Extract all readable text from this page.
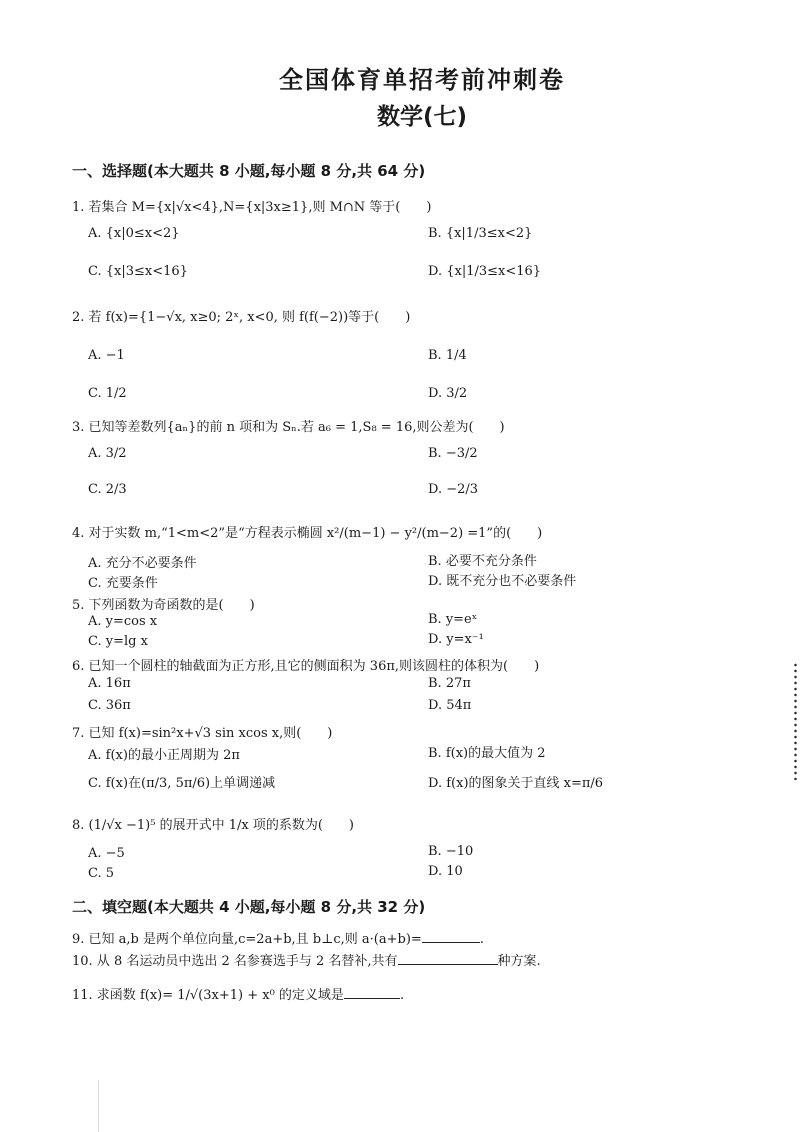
全国体育单招考前冲刺卷
数学(七)
一、选择题(本大题共 8 小题,每小题 8 分,共 64 分)
1. 若集合 M={x|√x<4},N={x|3x≥1},则 M∩N 等于(　　)
A. {x|0≤x<2}	B. {x|1/3≤x<2}
C. {x|3≤x<16}	D. {x|1/3≤x<16}
2. 若 f(x)={1−√x, x≥0; 2ˣ, x<0, 则 f(f(−2))等于(　　)
A. −1	B. 1/4
C. 1/2	D. 3/2
3. 已知等差数列{aₙ}的前 n 项和为 Sₙ.若 a₆ = 1,S₈ = 16,则公差为(　　)
A. 3/2	B. −3/2
C. 2/3	D. −2/3
4. 对于实数 m,“1<m<2”是“方程表示椭圆 x²/(m−1) − y²/(m−2) =1”的(　　)
A. 充分不必要条件	B. 必要不充分条件
C. 充要条件	D. 既不充分也不必要条件
5. 下列函数为奇函数的是(　　)
A. y=cos x	B. y=eˣ
C. y=lg x	D. y=x⁻¹
6. 已知一个圆柱的轴截面为正方形,且它的侧面积为 36π,则该圆柱的体积为(　　)
A. 16π	B. 27π
C. 36π	D. 54π
7. 已知 f(x)=sin²x+√3 sin xcos x,则(　　)
A. f(x)的最小正周期为 2π	B. f(x)的最大值为 2
C. f(x)在(π/3, 5π/6)上单调递减	D. f(x)的图象关于直线 x=π/6
8. (1/√x −1)⁵ 的展开式中 1/x 项的系数为(　　)
A. −5	B. −10
C. 5	D. 10
二、填空题(本大题共 4 小题,每小题 8 分,共 32 分)
9. 已知 a,b 是两个单位向量,c=2a+b,且 b⊥c,则 a·(a+b)=	.
10. 从 8 名运动员中选出 2 名参赛选手与 2 名替补,共有	种方案.
11. 求函数 f(x)= 1/√(3x+1) + x⁰ 的定义域是	.
